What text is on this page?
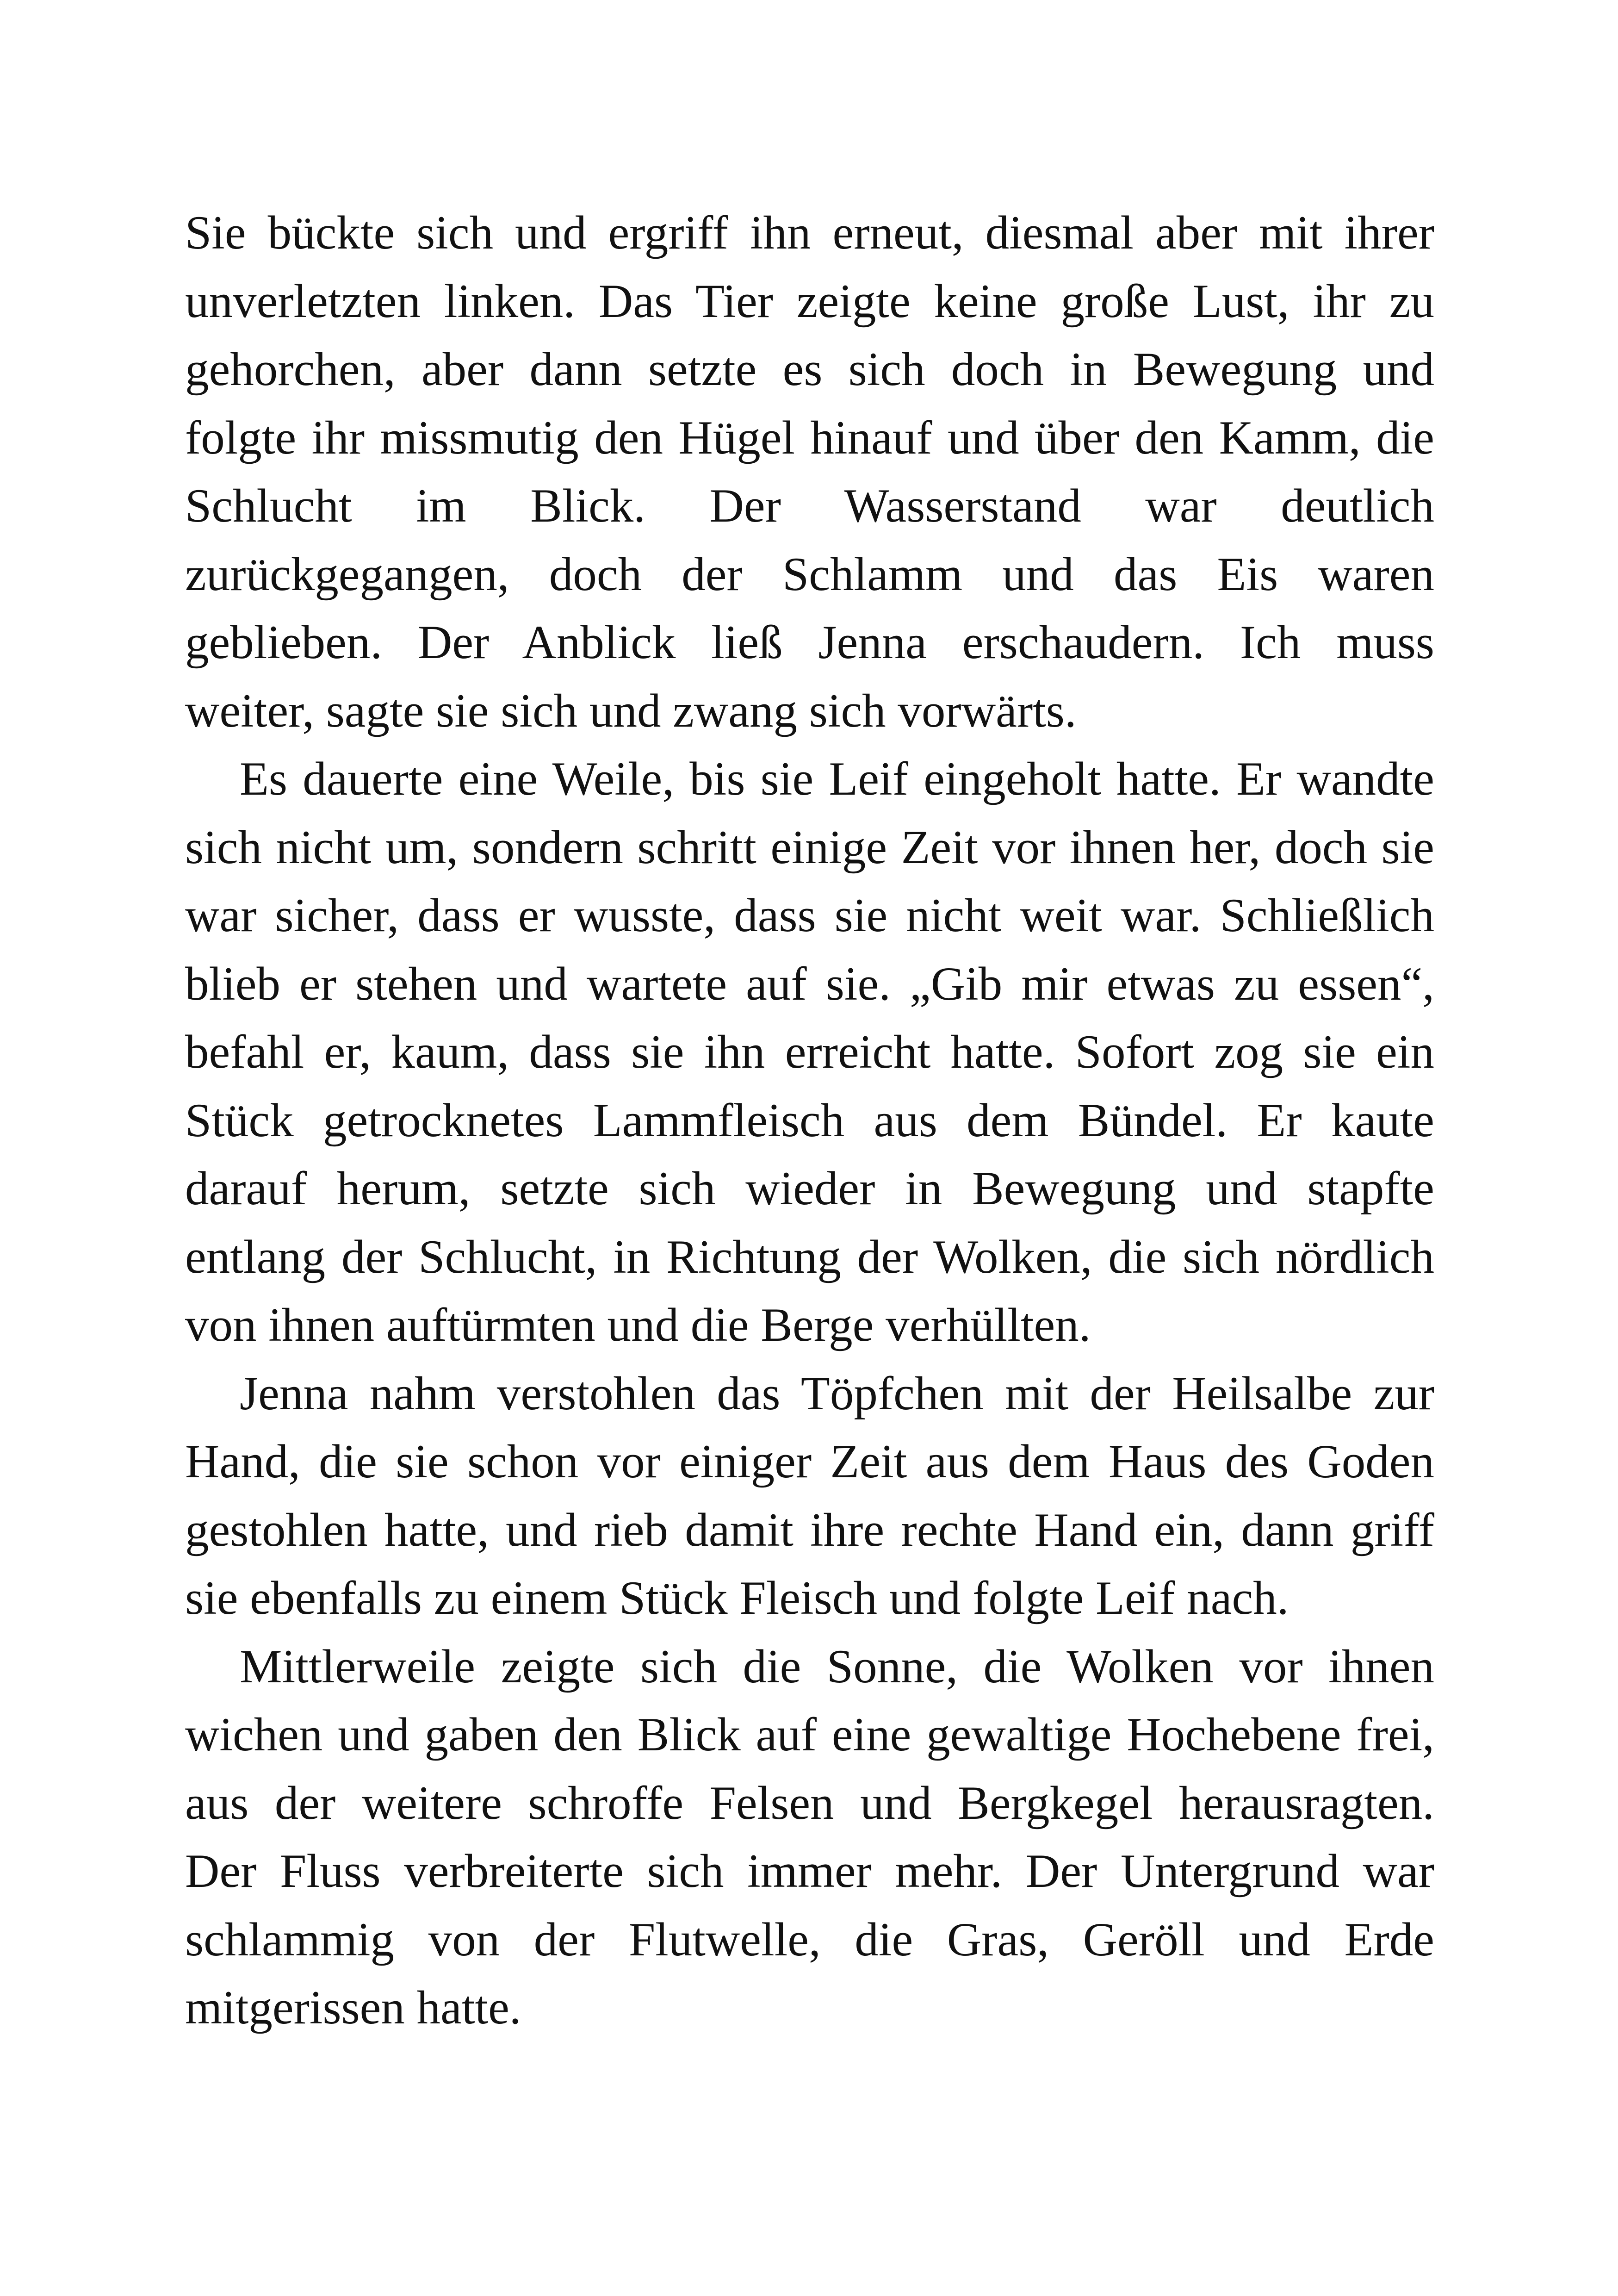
Sie bückte sich und ergriff ihn erneut, diesmal aber mit ihrer
unverletzten linken. Das Tier zeigte keine große Lust, ihr zu
gehorchen, aber dann setzte es sich doch in Bewegung und
folgte ihr missmutig den Hügel hinauf und über den Kamm, die
Schlucht im Blick. Der Wasserstand war deutlich
zurückgegangen, doch der Schlamm und das Eis waren
geblieben. Der Anblick ließ Jenna erschaudern. Ich muss
weiter, sagte sie sich und zwang sich vorwärts.
Es dauerte eine Weile, bis sie Leif eingeholt hatte. Er wandte
sich nicht um, sondern schritt einige Zeit vor ihnen her, doch sie
war sicher, dass er wusste, dass sie nicht weit war. Schließlich
blieb er stehen und wartete auf sie. „Gib mir etwas zu essen“,
befahl er, kaum, dass sie ihn erreicht hatte. Sofort zog sie ein
Stück getrocknetes Lammfleisch aus dem Bündel. Er kaute
darauf herum, setzte sich wieder in Bewegung und stapfte
entlang der Schlucht, in Richtung der Wolken, die sich nördlich
von ihnen auftürmten und die Berge verhüllten.
Jenna nahm verstohlen das Töpfchen mit der Heilsalbe zur
Hand, die sie schon vor einiger Zeit aus dem Haus des Goden
gestohlen hatte, und rieb damit ihre rechte Hand ein, dann griff
sie ebenfalls zu einem Stück Fleisch und folgte Leif nach.
Mittlerweile zeigte sich die Sonne, die Wolken vor ihnen
wichen und gaben den Blick auf eine gewaltige Hochebene frei,
aus der weitere schroffe Felsen und Bergkegel herausragten.
Der Fluss verbreiterte sich immer mehr. Der Untergrund war
schlammig von der Flutwelle, die Gras, Geröll und Erde
mitgerissen hatte.
